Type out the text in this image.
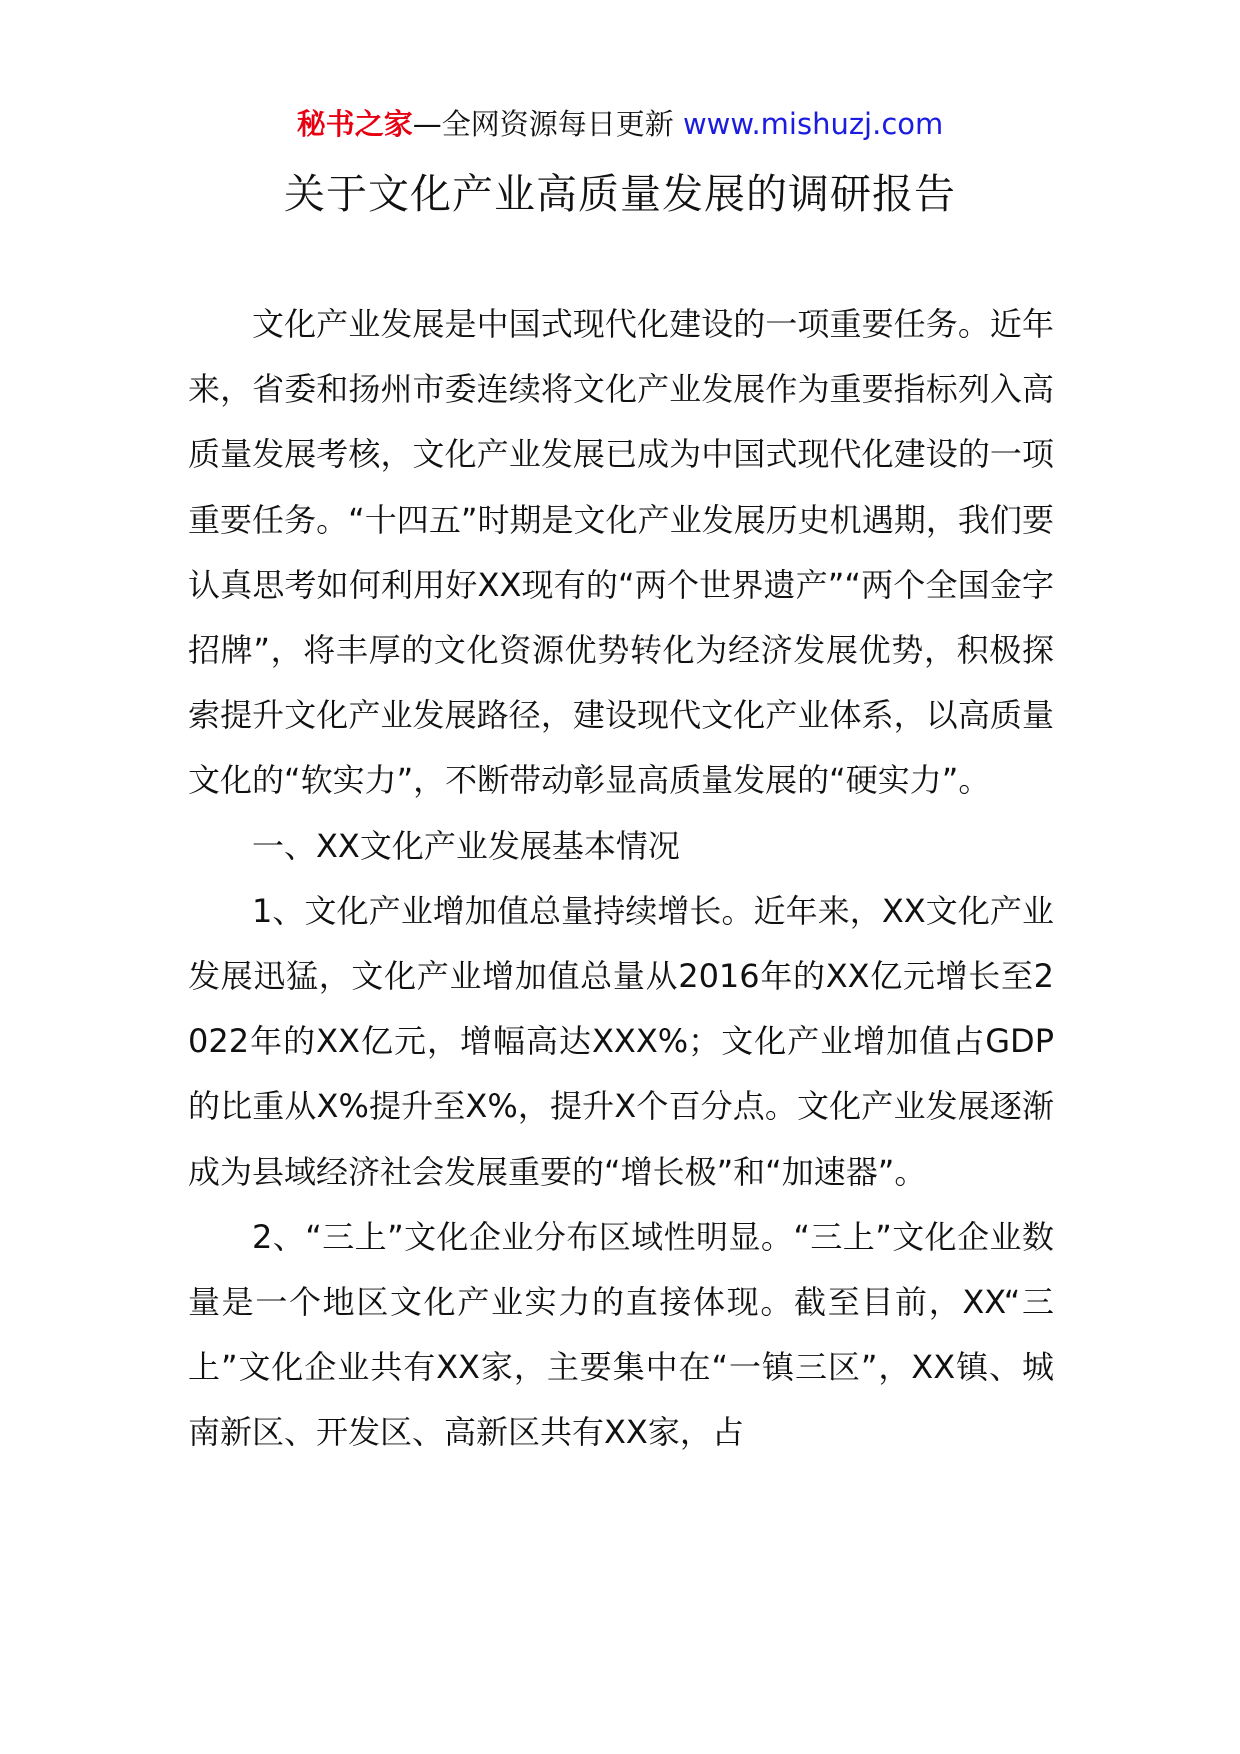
秘书之家—全网资源每日更新 www.mishuzj.com
关于文化产业高质量发展的调研报告

文化产业发展是中国式现代化建设的一项重要任务。近年来，省委和扬州市委连续将文化产业发展作为重要指标列入高质量发展考核，文化产业发展已成为中国式现代化建设的一项重要任务。“十四五”时期是文化产业发展历史机遇期，我们要认真思考如何利用好XX现有的“两个世界遗产”“两个全国金字招牌”，将丰厚的文化资源优势转化为经济发展优势，积极探索提升文化产业发展路径，建设现代文化产业体系，以高质量文化的“软实力”，不断带动彰显高质量发展的“硬实力”。

一、XX文化产业发展基本情况

1、文化产业增加值总量持续增长。近年来，XX文化产业发展迅猛，文化产业增加值总量从2016年的XX亿元增长至2022年的XX亿元，增幅高达XXX%；文化产业增加值占GDP的比重从X%提升至X%，提升X个百分点。文化产业发展逐渐成为县域经济社会发展重要的“增长极”和“加速器”。

2、“三上”文化企业分布区域性明显。“三上”文化企业数量是一个地区文化产业实力的直接体现。截至目前，XX“三上”文化企业共有XX家，主要集中在“一镇三区”，XX镇、城南新区、开发区、高新区共有XX家，占
